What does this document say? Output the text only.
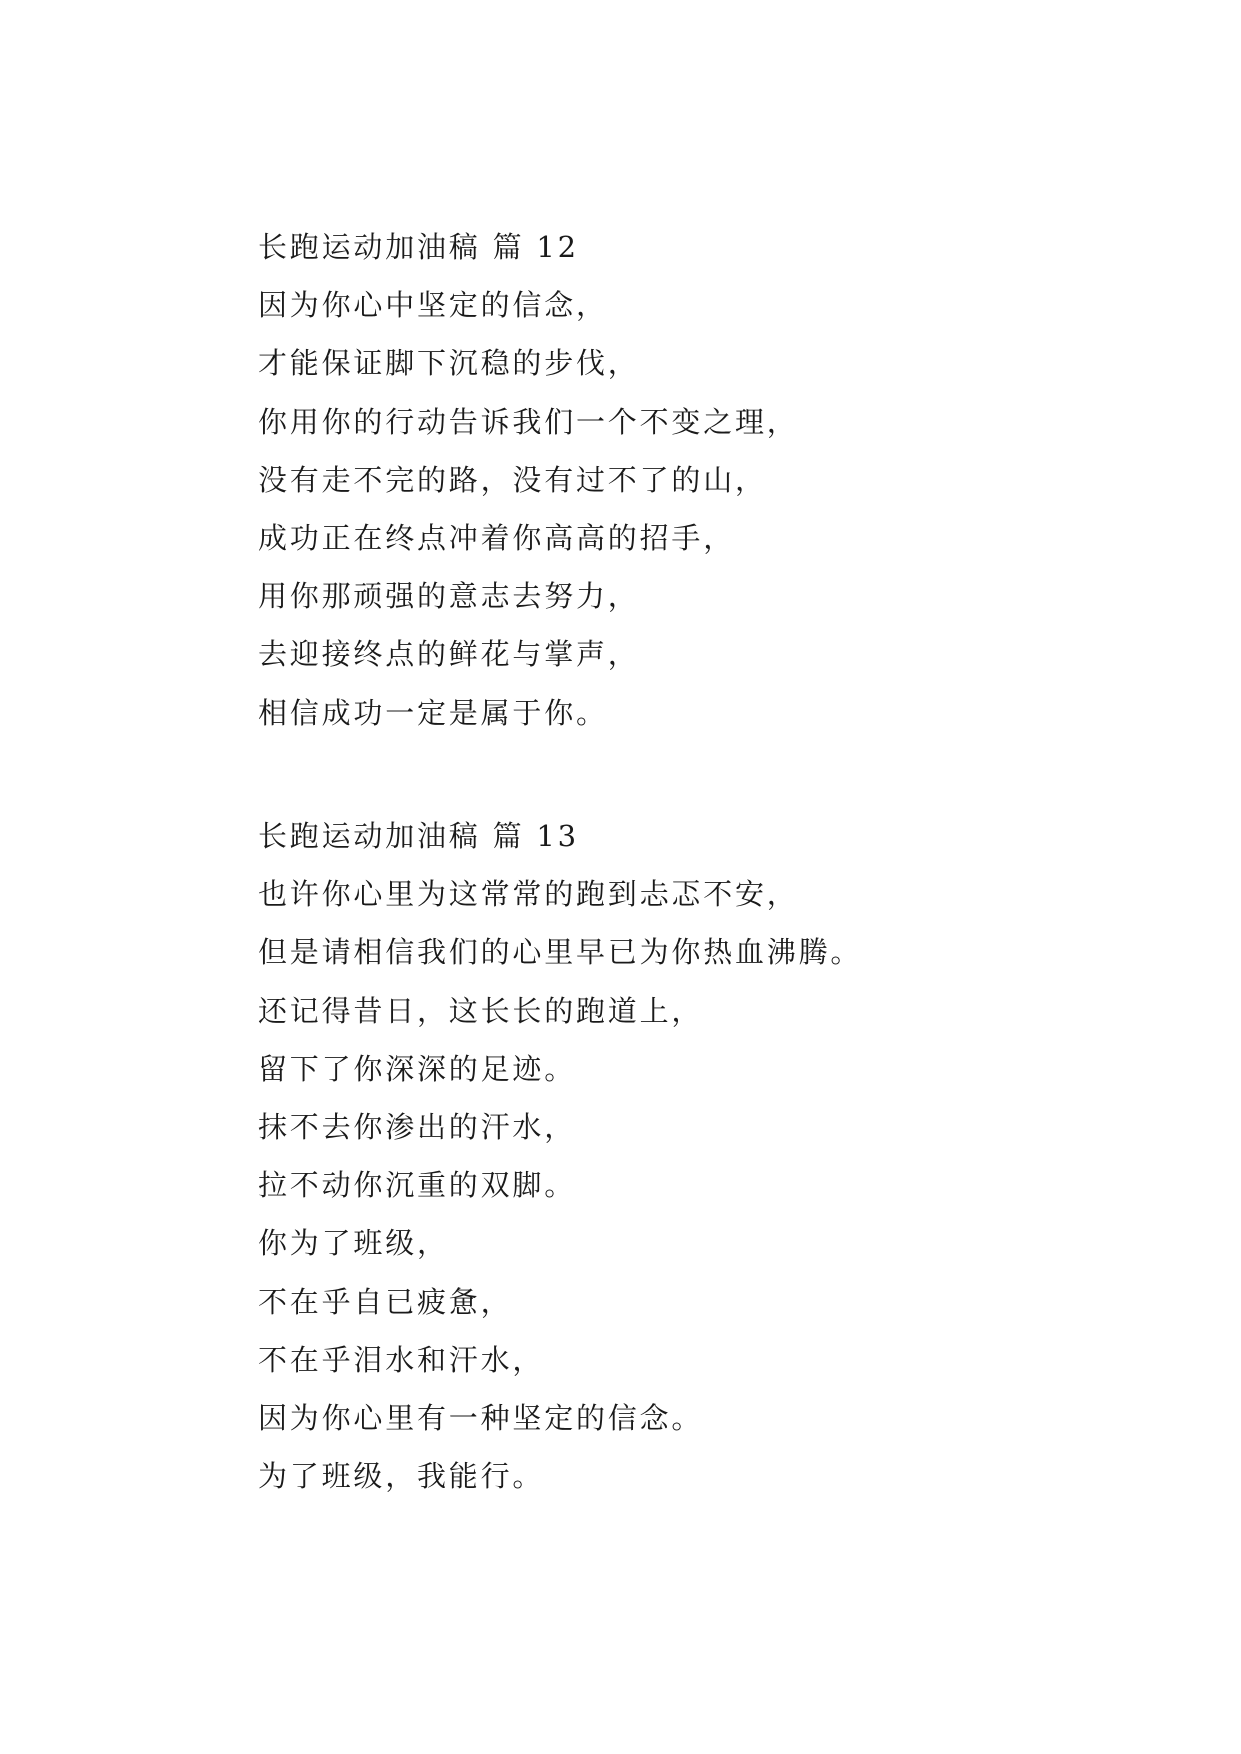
长跑运动加油稿 篇 12
因为你心中坚定的信念，
才能保证脚下沉稳的步伐，
你用你的行动告诉我们一个不变之理，
没有走不完的路，没有过不了的山，
成功正在终点冲着你高高的招手，
用你那顽强的意志去努力，
去迎接终点的鲜花与掌声，
相信成功一定是属于你。
长跑运动加油稿 篇 13
也许你心里为这常常的跑到忐忑不安，
但是请相信我们的心里早已为你热血沸腾。
还记得昔日，这长长的跑道上，
留下了你深深的足迹。
抹不去你渗出的汗水，
拉不动你沉重的双脚。
你为了班级，
不在乎自已疲惫，
不在乎泪水和汗水，
因为你心里有一种坚定的信念。
为了班级，我能行。
